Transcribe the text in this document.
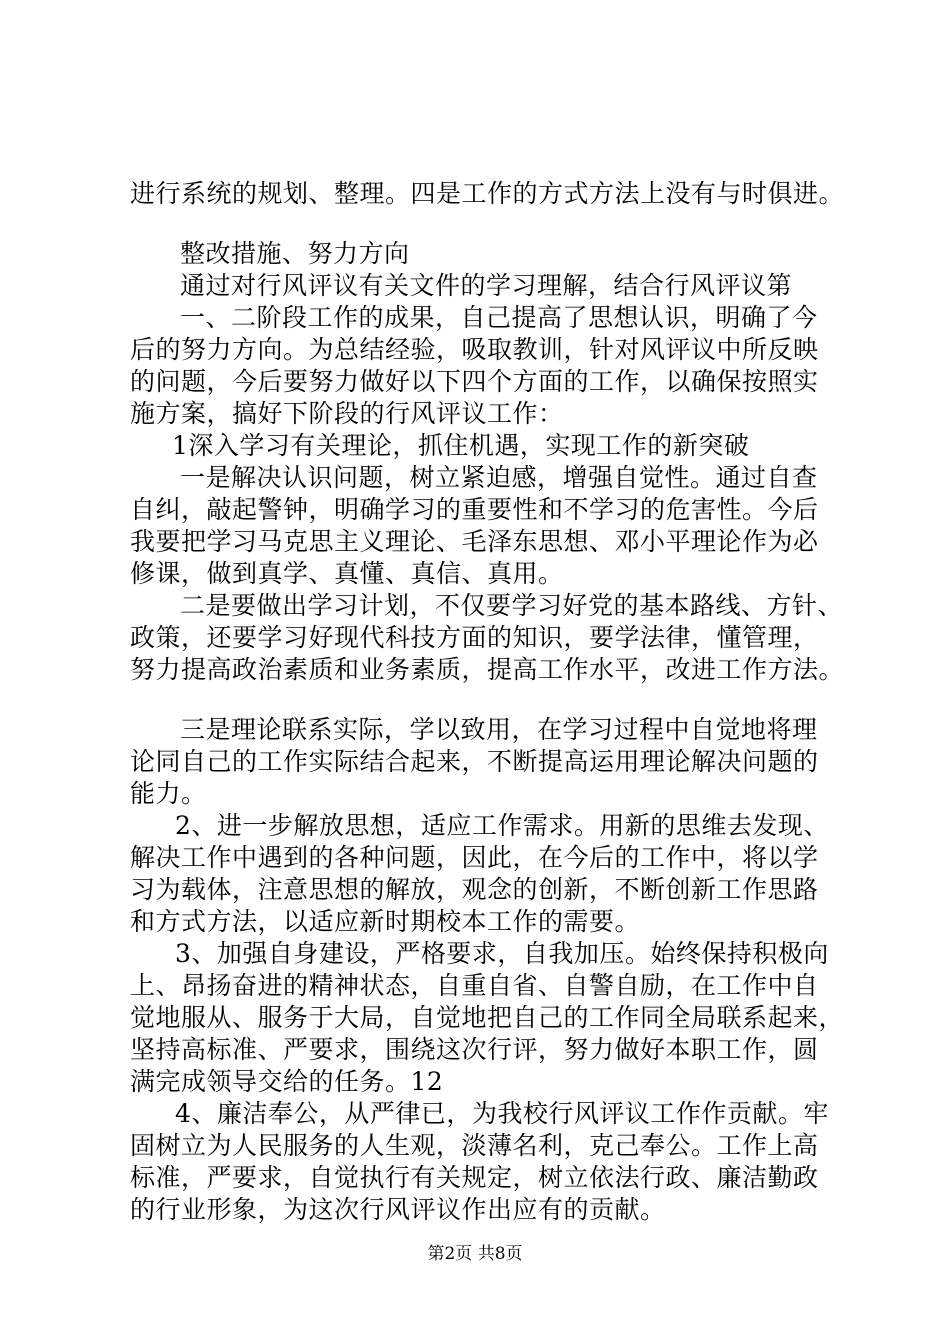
进行系统的规划、整理。四是工作的方式方法上没有与时俱进。
整改措施、努力方向
通过对行风评议有关文件的学习理解，结合行风评议第
一、二阶段工作的成果，自己提高了思想认识，明确了今
后的努力方向。为总结经验，吸取教训，针对风评议中所反映
的问题，今后要努力做好以下四个方面的工作，以确保按照实
施方案，搞好下阶段的行风评议工作：
1深入学习有关理论，抓住机遇，实现工作的新突破
一是解决认识问题，树立紧迫感，增强自觉性。通过自查
自纠，敲起警钟，明确学习的重要性和不学习的危害性。今后
我要把学习马克思主义理论、毛泽东思想、邓小平理论作为必
修课，做到真学、真懂、真信、真用。
二是要做出学习计划，不仅要学习好党的基本路线、方针、
政策，还要学习好现代科技方面的知识，要学法律，懂管理，
努力提高政治素质和业务素质，提高工作水平，改进工作方法。
三是理论联系实际，学以致用，在学习过程中自觉地将理
论同自己的工作实际结合起来，不断提高运用理论解决问题的
能力。
2、进一步解放思想，适应工作需求。用新的思维去发现、
解决工作中遇到的各种问题，因此，在今后的工作中，将以学
习为载体，注意思想的解放，观念的创新，不断创新工作思路
和方式方法，以适应新时期校本工作的需要。
3、加强自身建设，严格要求，自我加压。始终保持积极向
上、昂扬奋进的精神状态，自重自省、自警自励，在工作中自
觉地服从、服务于大局，自觉地把自己的工作同全局联系起来，
坚持高标准、严要求，围绕这次行评，努力做好本职工作，圆
满完成领导交给的任务。12
4、廉洁奉公，从严律已，为我校行风评议工作作贡献。牢
固树立为人民服务的人生观，淡薄名利，克己奉公。工作上高
标准，严要求，自觉执行有关规定，树立依法行政、廉洁勤政
的行业形象，为这次行风评议作出应有的贡献。
第2页 共8页
